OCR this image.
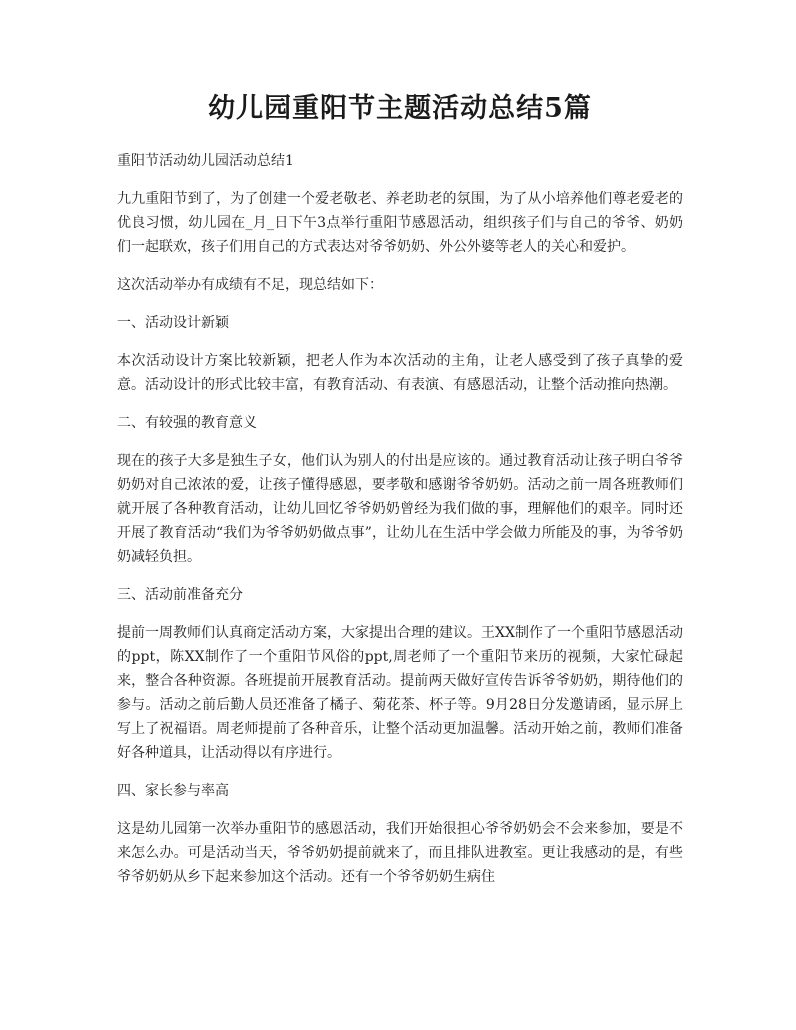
幼儿园重阳节主题活动总结5篇

重阳节活动幼儿园活动总结1

九九重阳节到了，为了创建一个爱老敬老、养老助老的氛围，为了从小培养他们尊老爱老的优良习惯，幼儿园在_月_日下午3点举行重阳节感恩活动，组织孩子们与自己的爷爷、奶奶们一起联欢，孩子们用自己的方式表达对爷爷奶奶、外公外婆等老人的关心和爱护。

这次活动举办有成绩有不足，现总结如下：

一、活动设计新颖

本次活动设计方案比较新颖，把老人作为本次活动的主角，让老人感受到了孩子真挚的爱意。活动设计的形式比较丰富，有教育活动、有表演、有感恩活动，让整个活动推向热潮。

二、有较强的教育意义

现在的孩子大多是独生子女，他们认为别人的付出是应该的。通过教育活动让孩子明白爷爷奶奶对自己浓浓的爱，让孩子懂得感恩，要孝敬和感谢爷爷奶奶。活动之前一周各班教师们就开展了各种教育活动，让幼儿回忆爷爷奶奶曾经为我们做的事，理解他们的艰辛。同时还开展了教育活动“我们为爷爷奶奶做点事”，让幼儿在生活中学会做力所能及的事，为爷爷奶奶减轻负担。

三、活动前准备充分

提前一周教师们认真商定活动方案，大家提出合理的建议。王XX制作了一个重阳节感恩活动的ppt，陈XX制作了一个重阳节风俗的ppt,周老师了一个重阳节来历的视频，大家忙碌起来，整合各种资源。各班提前开展教育活动。提前两天做好宣传告诉爷爷奶奶，期待他们的参与。活动之前后勤人员还准备了橘子、菊花茶、杯子等。9月28日分发邀请函，显示屏上写上了祝福语。周老师提前了各种音乐，让整个活动更加温馨。活动开始之前，教师们准备好各种道具，让活动得以有序进行。

四、家长参与率高

这是幼儿园第一次举办重阳节的感恩活动，我们开始很担心爷爷奶奶会不会来参加，要是不来怎么办。可是活动当天，爷爷奶奶提前就来了，而且排队进教室。更让我感动的是，有些爷爷奶奶从乡下起来参加这个活动。还有一个爷爷奶奶生病住
